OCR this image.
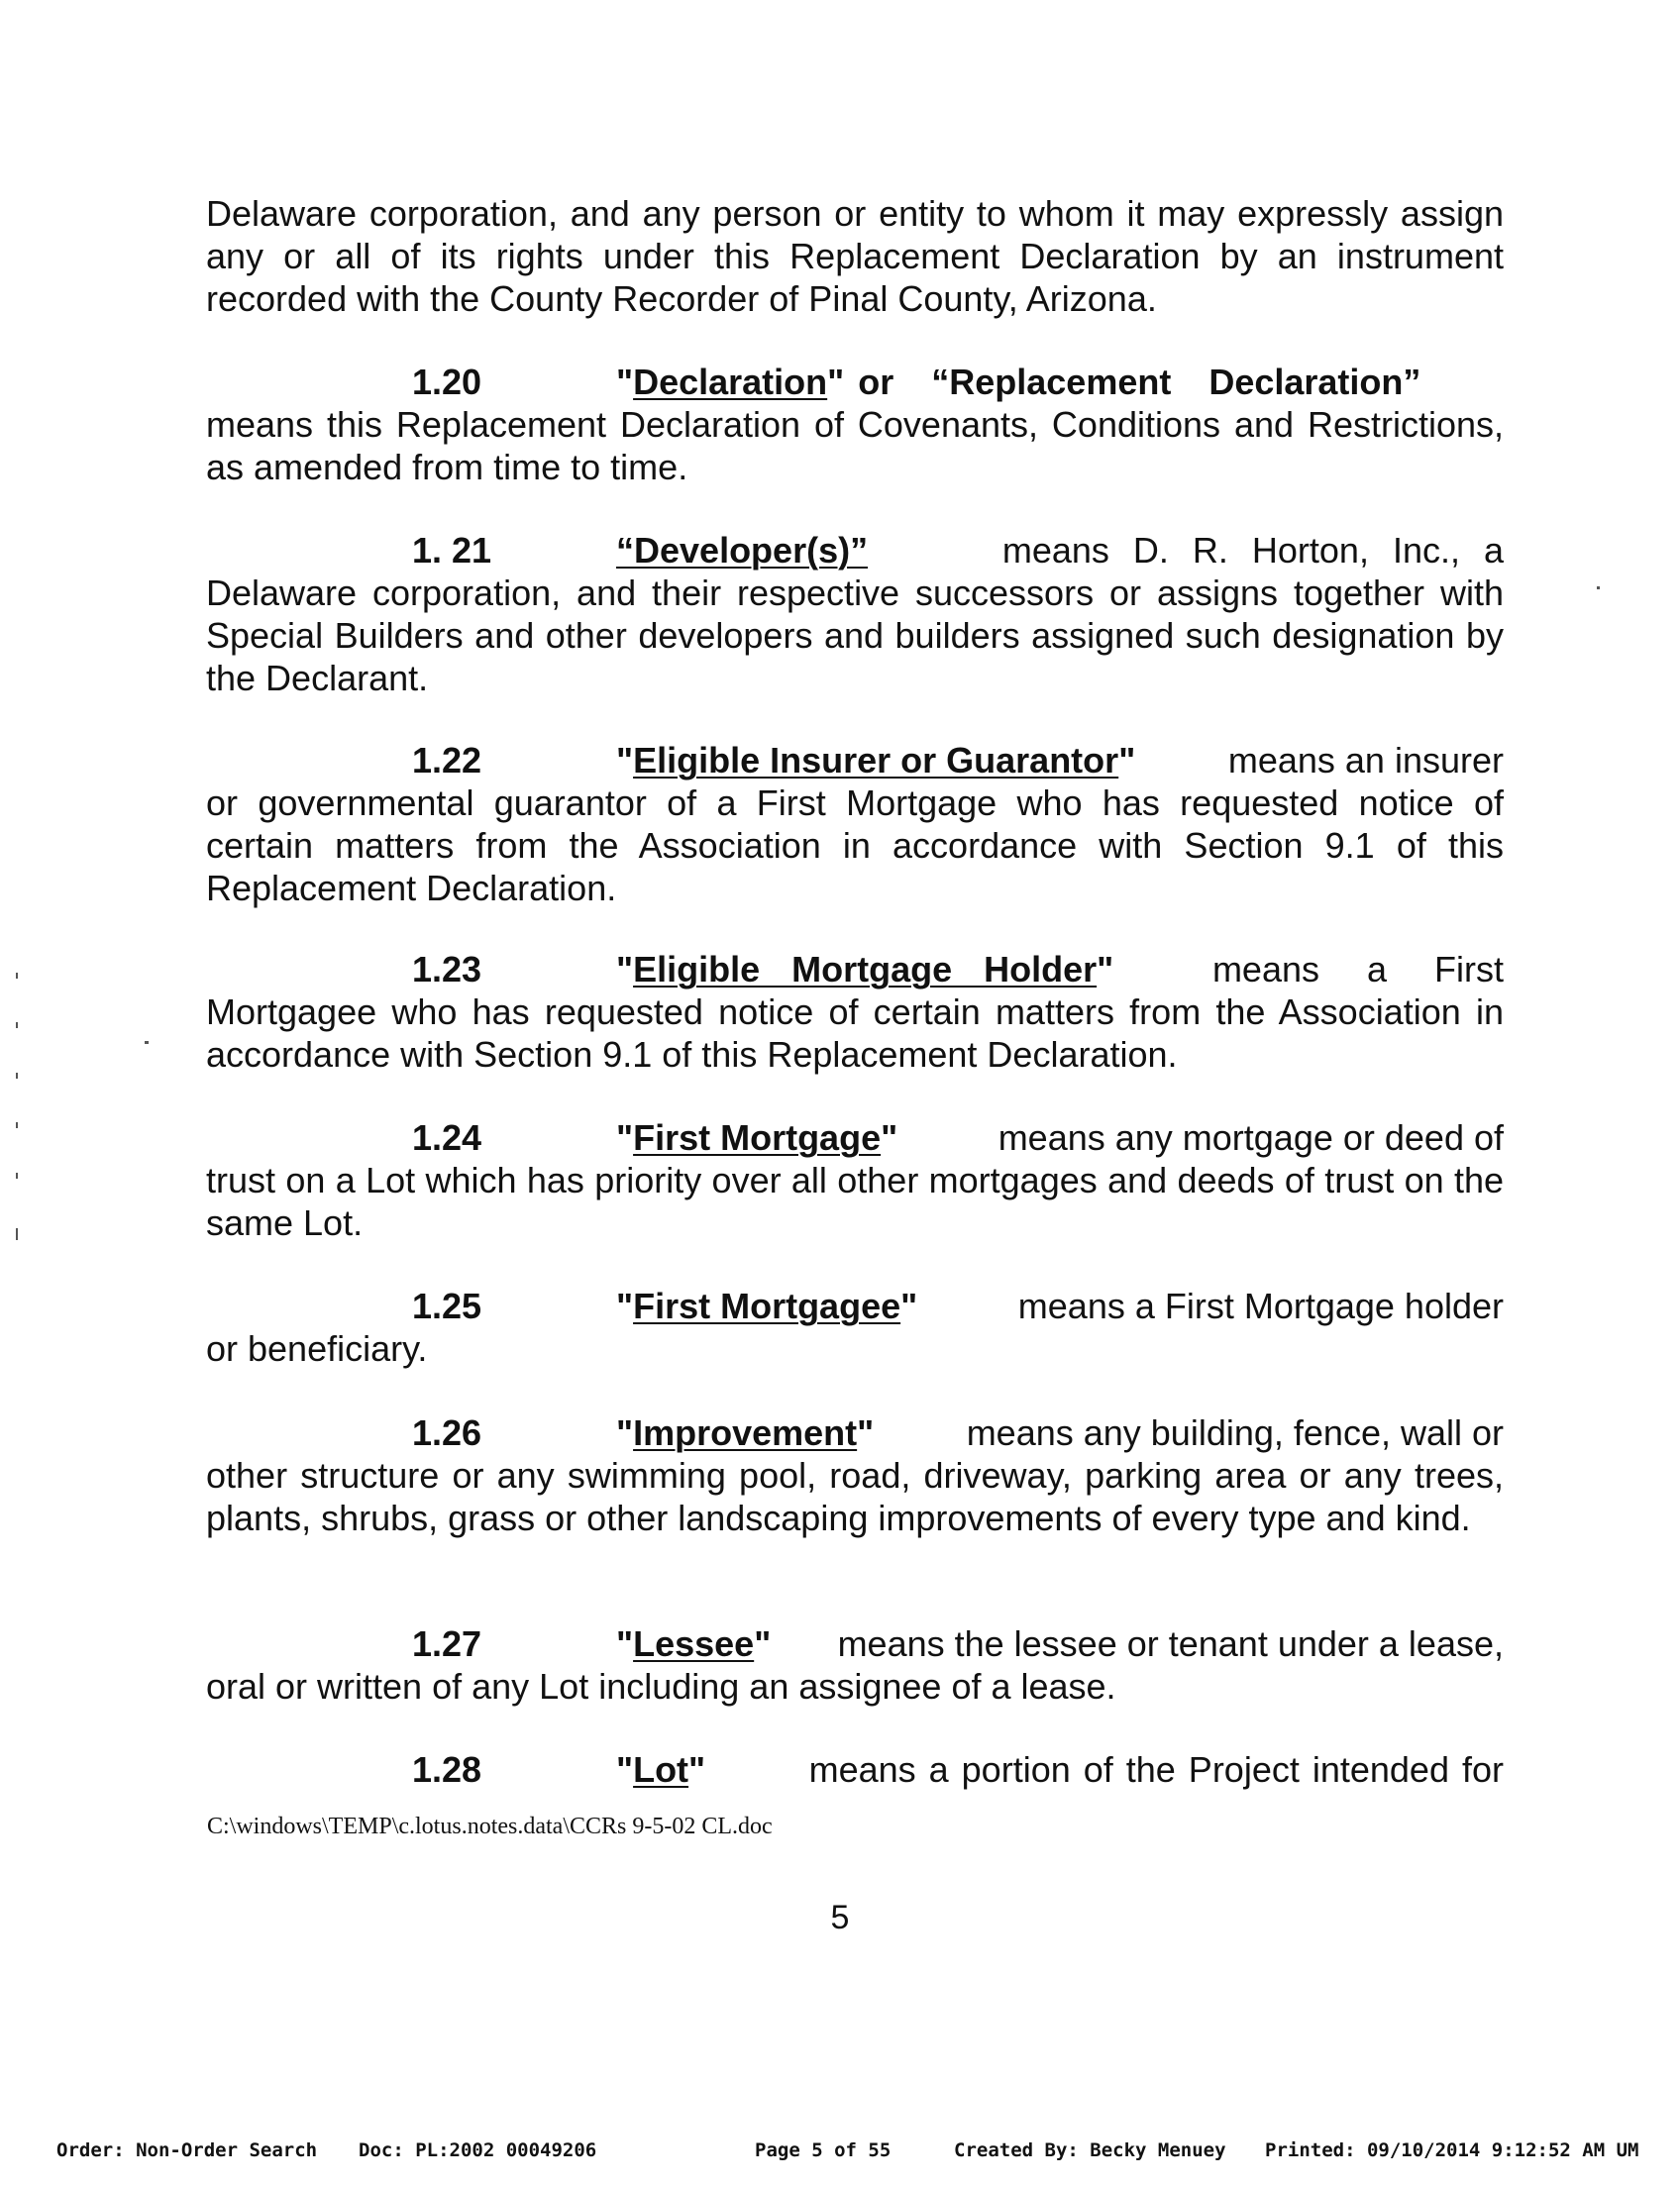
Delaware corporation, and any person or entity to whom it may expressly assign any or all of its rights under this Replacement Declaration by an instrument recorded with the County Recorder of Pinal County, Arizona.
1.20	"Declaration" or “Replacement Declaration”
means this Replacement Declaration of Covenants, Conditions and Restrictions, as amended from time to time.
1. 21	“Developer(s)”	means D. R. Horton, Inc., a
Delaware corporation, and their respective successors or assigns together with Special Builders and other developers and builders assigned such designation by the Declarant.
1.22	"Eligible Insurer or Guarantor"	means an insurer
or governmental guarantor of a First Mortgage who has requested notice of certain matters from the Association in accordance with Section 9.1 of this Replacement Declaration.
1.23	"Eligible Mortgage Holder"	means a First
Mortgagee who has requested notice of certain matters from the Association in accordance with Section 9.1 of this Replacement Declaration.
1.24	"First Mortgage"	means any mortgage or deed of
trust on a Lot which has priority over all other mortgages and deeds of trust on the same Lot.
1.25	"First Mortgagee"	means a First Mortgage holder
or beneficiary.
1.26	"Improvement"	means any building, fence, wall or
other structure or any swimming pool, road, driveway, parking area or any trees, plants, shrubs, grass or other landscaping improvements of every type and kind.
1.27	"Lessee" means the lessee or tenant under a lease,
oral or written of any Lot including an assignee of a lease.
1.28	"Lot"	means a portion of the Project intended for
C:\windows\TEMP\c.lotus.notes.data\CCRs 9-5-02 CL.doc
5
Order: Non-Order Search Doc: PL:2002 00049206	Page 5 of 55	Created By: Becky Menuey Printed: 09/10/2014 9:12:52 AM UM
